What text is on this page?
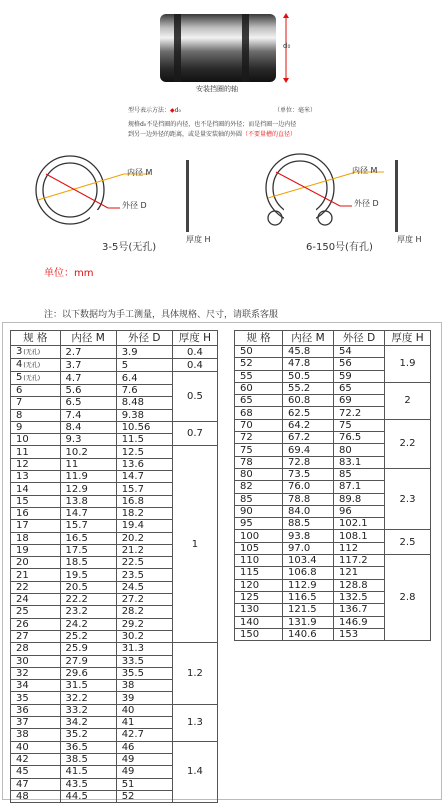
d₀
安装挡圈的轴
型号表示方法：◆d₀	（单位：毫米）
规格d₀不是挡圈的内径，也不是挡圈的外径；而是挡圈一边内径
到另一边外径的距离，或是量安装轴的外圆（不要量槽的直径）
内径 M
外径 D
3-5号(无孔)
厚度 H
内径 M
外径 D
6-150号(有孔)
厚度 H
单位：mm
注：以下数据均为手工测量，具体规格、尺寸，请联系客服
规 格	内径 M	外径 D	厚度 H
3(无孔)	2.7	3.9	0.4
4(无孔)	3.7	5	0.4
5(无孔)	4.7	6.4	0.5
6	5.6	7.6	
7	6.5	8.48	
8	7.4	9.38	
9	8.4	10.56	0.7
10	9.3	11.5	
11	10.2	12.5	1
12	11	13.6	
13	11.9	14.7	
14	12.9	15.7	
15	13.8	16.8	
16	14.7	18.2	
17	15.7	19.4	
18	16.5	20.2	
19	17.5	21.2	
20	18.5	22.5	
21	19.5	23.5	
22	20.5	24.5	
24	22.2	27.2	
25	23.2	28.2	
26	24.2	29.2	
27	25.2	30.2	
28	25.9	31.3	1.2
30	27.9	33.5	
32	29.6	35.5	
34	31.5	38	
35	32.2	39	
36	33.2	40	1.3
37	34.2	41	
38	35.2	42.7	
40	36.5	46	1.4
42	38.5	49	
45	41.5	49	
47	43.5	51	
48	44.5	52	
规 格	内径 M	外径 D	厚度 H
50	45.8	54	1.9
52	47.8	56	
55	50.5	59	
60	55.2	65	2
65	60.8	69	
68	62.5	72.2	
70	64.2	75	2.2
72	67.2	76.5	
75	69.4	80	
78	72.8	83.1	
80	73.5	85	2.3
82	76.0	87.1	
85	78.8	89.8	
90	84.0	96	
95	88.5	102.1	
100	93.8	108.1	2.5
105	97.0	112	
110	103.4	117.2	2.8
115	106.8	121	
120	112.9	128.8	
125	116.5	132.5	
130	121.5	136.7	
140	131.9	146.9	
150	140.6	153	
